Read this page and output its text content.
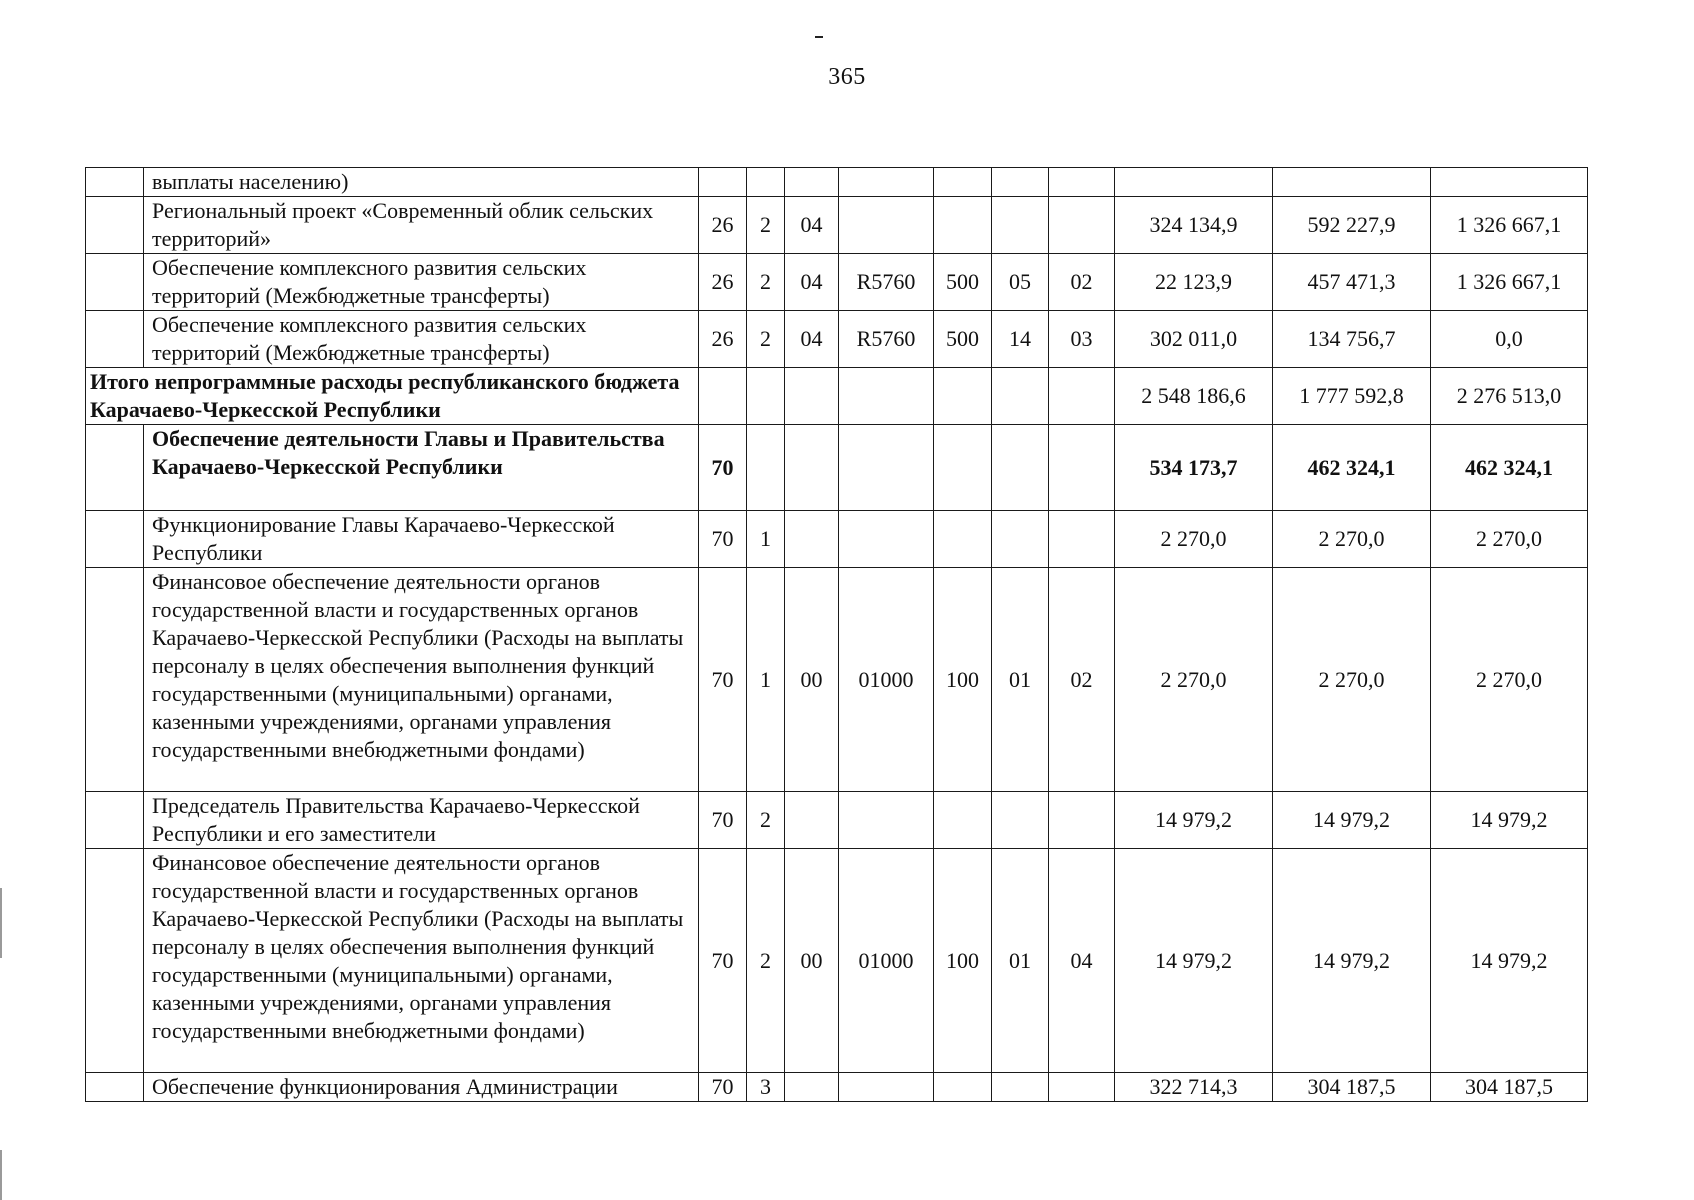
365
	выплаты населению)										
	Региональный проект «Современный облик сельских территорий»	26	2	04					324 134,9	592 227,9	1 326 667,1
	Обеспечение комплексного развития сельских территорий (Межбюджетные трансферты)	26	2	04	R5760	500	05	02	22 123,9	457 471,3	1 326 667,1
	Обеспечение комплексного развития сельских территорий (Межбюджетные трансферты)	26	2	04	R5760	500	14	03	302 011,0	134 756,7	0,0
Итого непрограммные расходы республиканского бюджета Карачаево-Черкесской Республики									2 548 186,6	1 777 592,8	2 276 513,0
	Обеспечение деятельности Главы и Правительства Карачаево-Черкесской Республики	70							534 173,7	462 324,1	462 324,1
	Функционирование Главы Карачаево-Черкесской Республики	70	1						2 270,0	2 270,0	2 270,0
	Финансовое обеспечение деятельности органов государственной власти и государственных органов Карачаево-Черкесской Республики (Расходы на выплаты персоналу в целях обеспечения выполнения функций государственными (муниципальными) органами, казенными учреждениями, органами управления государственными внебюджетными фондами)	70	1	00	01000	100	01	02	2 270,0	2 270,0	2 270,0
	Председатель Правительства Карачаево-Черкесской Республики и его заместители	70	2						14 979,2	14 979,2	14 979,2
	Финансовое обеспечение деятельности органов государственной власти и государственных органов Карачаево-Черкесской Республики (Расходы на выплаты персоналу в целях обеспечения выполнения функций государственными (муниципальными) органами, казенными учреждениями, органами управления государственными внебюджетными фондами)	70	2	00	01000	100	01	04	14 979,2	14 979,2	14 979,2
	Обеспечение функционирования Администрации	70	3						322 714,3	304 187,5	304 187,5
